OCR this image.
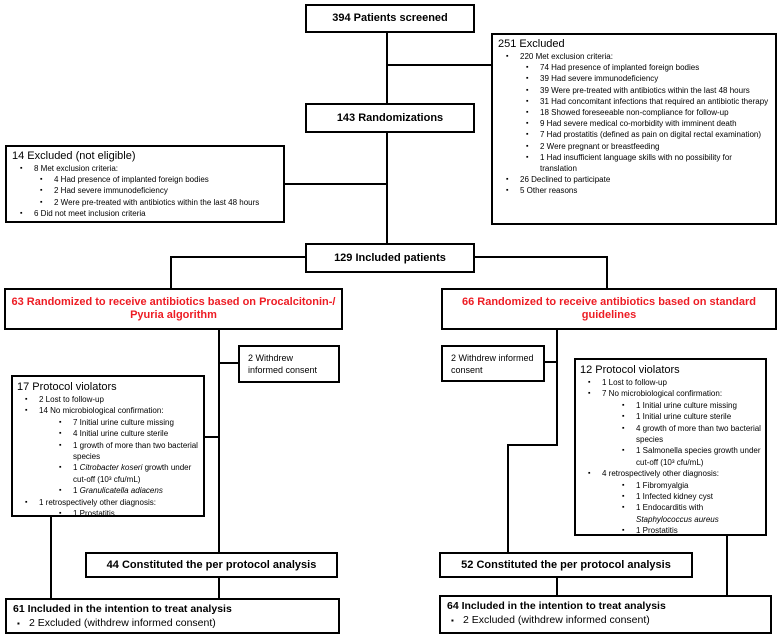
394 Patients screened
251 Excluded
▪	220 Met exclusion criteria:
▪	74 Had presence of implanted foreign bodies
▪	39 Had severe immunodeficiency
▪	39 Were pre-treated with antibiotics within the last 48 hours
▪	31 Had concomitant infections that required an antibiotic therapy
▪	18 Showed foreseeable non-compliance for follow-up
▪	9 Had severe medical co-morbidity with imminent death
▪	7 Had prostatitis (defined as pain on digital rectal examination)
▪	2 Were pregnant or breastfeeding
▪	1 Had insufficient language skills with no possibility for translation
▪	26 Declined to participate
▪	5 Other reasons
143 Randomizations
14 Excluded (not eligible)
▪	8 Met exclusion criteria:
▪	4 Had presence of implanted foreign bodies
▪	2 Had severe immunodeficiency
▪	2 Were pre-treated with antibiotics within the last 48 hours
▪	6 Did not meet inclusion criteria
129 Included patients
63 Randomized to receive antibiotics based on Procalcitonin-/ Pyuria algorithm
66 Randomized to receive antibiotics based on standard guidelines
2 Withdrew informed consent
2 Withdrew informed consent
17 Protocol violators
▪	2 Lost to follow-up
▪	14 No microbiological confirmation:
▪	7 Initial urine culture missing
▪	4 Initial urine culture sterile
▪	1 growth of more than two bacterial species
▪	1 Citrobacter koseri growth under cut-off (10³ cfu/mL)
▪	1 Granulicatella adiacens
▪	1 retrospectively other diagnosis:
▪	1 Prostatitis
12 Protocol violators
▪	1 Lost to follow-up
▪	7 No microbiological confirmation:
▪	1 Initial urine culture missing
▪	1 Initial urine culture sterile
▪	4 growth of more than two bacterial species
▪	1 Salmonella species growth under cut-off (10³ cfu/mL)
▪	4 retrospectively other diagnosis:
▪	1 Fibromyalgia
▪	1 Infected kidney cyst
▪	1 Endocarditis with Staphylococcus aureus
▪	1 Prostatitis
44 Constituted the per protocol analysis	52 Constituted the per protocol analysis
61 Included in the intention to treat analysis
▪ 2 Excluded (withdrew informed consent)
64 Included in the intention to treat analysis
▪ 2 Excluded (withdrew informed consent)
